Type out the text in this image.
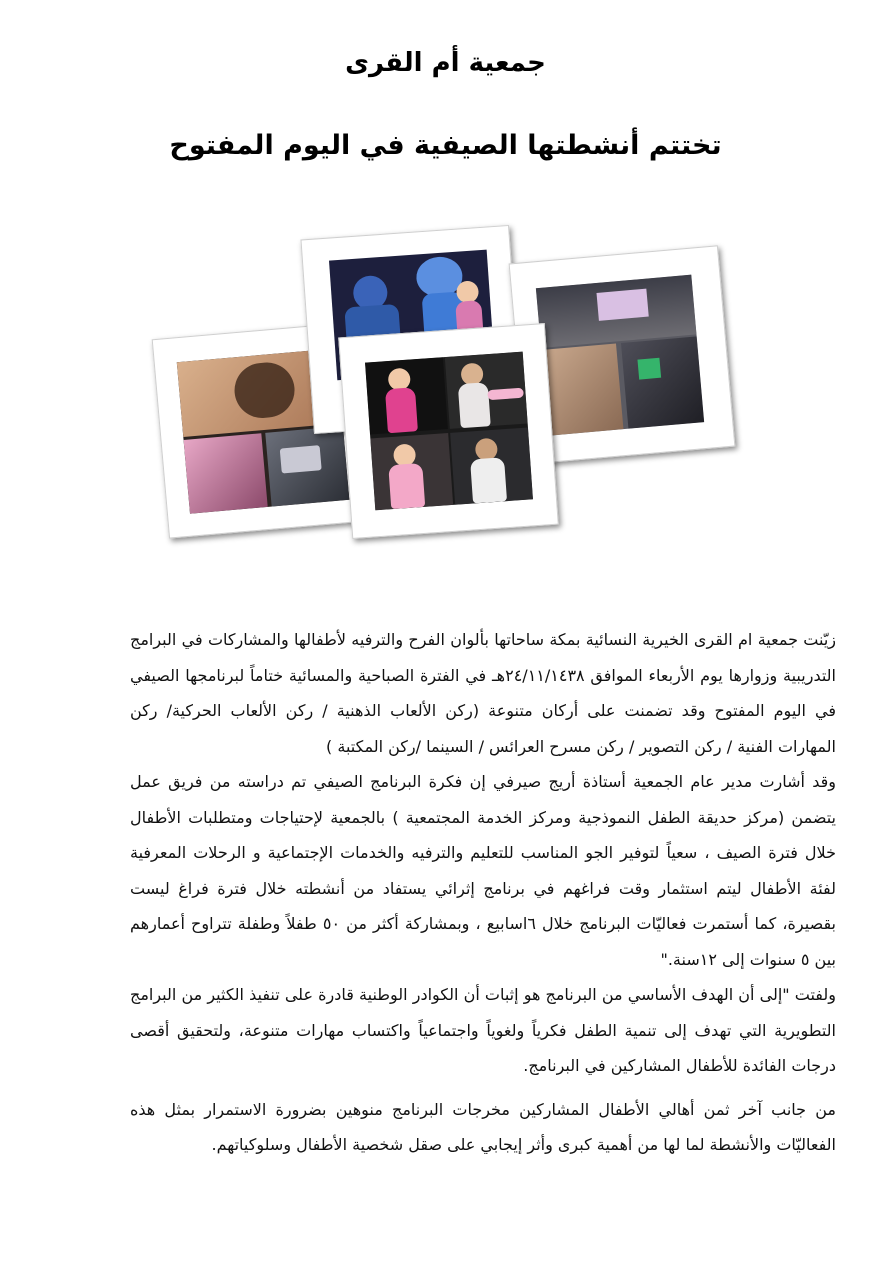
جمعية أم القرى
تختتم أنشطتها الصيفية في اليوم المفتوح

زيّنت جمعية ام القرى الخيرية النسائية بمكة ساحاتها بألوان الفرح والترفيه لأطفالها والمشاركات في البرامج التدريبية وزوارها يوم الأربعاء الموافق ٢٤/١١/١٤٣٨هـ في الفترة الصباحية والمسائية ختاماً لبرنامجها الصيفي في اليوم المفتوح وقد تضمنت على أركان متنوعة (ركن الألعاب الذهنية / ركن الألعاب الحركية/ ركن المهارات الفنية / ركن التصوير / ركن مسرح العرائس / السينما /ركن المكتبة )

وقد أشارت مدير عام الجمعية أستاذة أريج صيرفي إن فكرة البرنامج الصيفي تم دراسته من فريق عمل يتضمن (مركز حديقة الطفل النموذجية ومركز الخدمة المجتمعية ) بالجمعية لإحتياجات ومتطلبات الأطفال خلال فترة الصيف ، سعياً لتوفير الجو المناسب للتعليم والترفيه والخدمات الإجتماعية و الرحلات المعرفية لفئة الأطفال ليتم استثمار وقت فراغهم في برنامج إثرائي يستفاد من أنشطته خلال فترة فراغ ليست بقصيرة، كما أستمرت فعاليّات البرنامج خلال ٦اسابيع ، وبمشاركة أكثر من ٥٠ طفلاً وطفلة تتراوح أعمارهم بين ٥ سنوات إلى ١٢سنة."

ولفتت "إلى أن الهدف الأساسي من البرنامج هو إثبات أن الكوادر الوطنية قادرة على تنفيذ الكثير من البرامج التطويرية التي تهدف إلى تنمية الطفل فكرياً ولغوياً واجتماعياً واكتساب مهارات متنوعة، ولتحقيق أقصى درجات الفائدة للأطفال المشاركين في البرنامج.

من جانب آخر ثمن أهالي الأطفال المشاركين مخرجات البرنامج منوهين بضرورة الاستمرار بمثل هذه الفعاليّات والأنشطة لما لها من أهمية كبرى وأثر إيجابي على صقل شخصية الأطفال وسلوكياتهم.
